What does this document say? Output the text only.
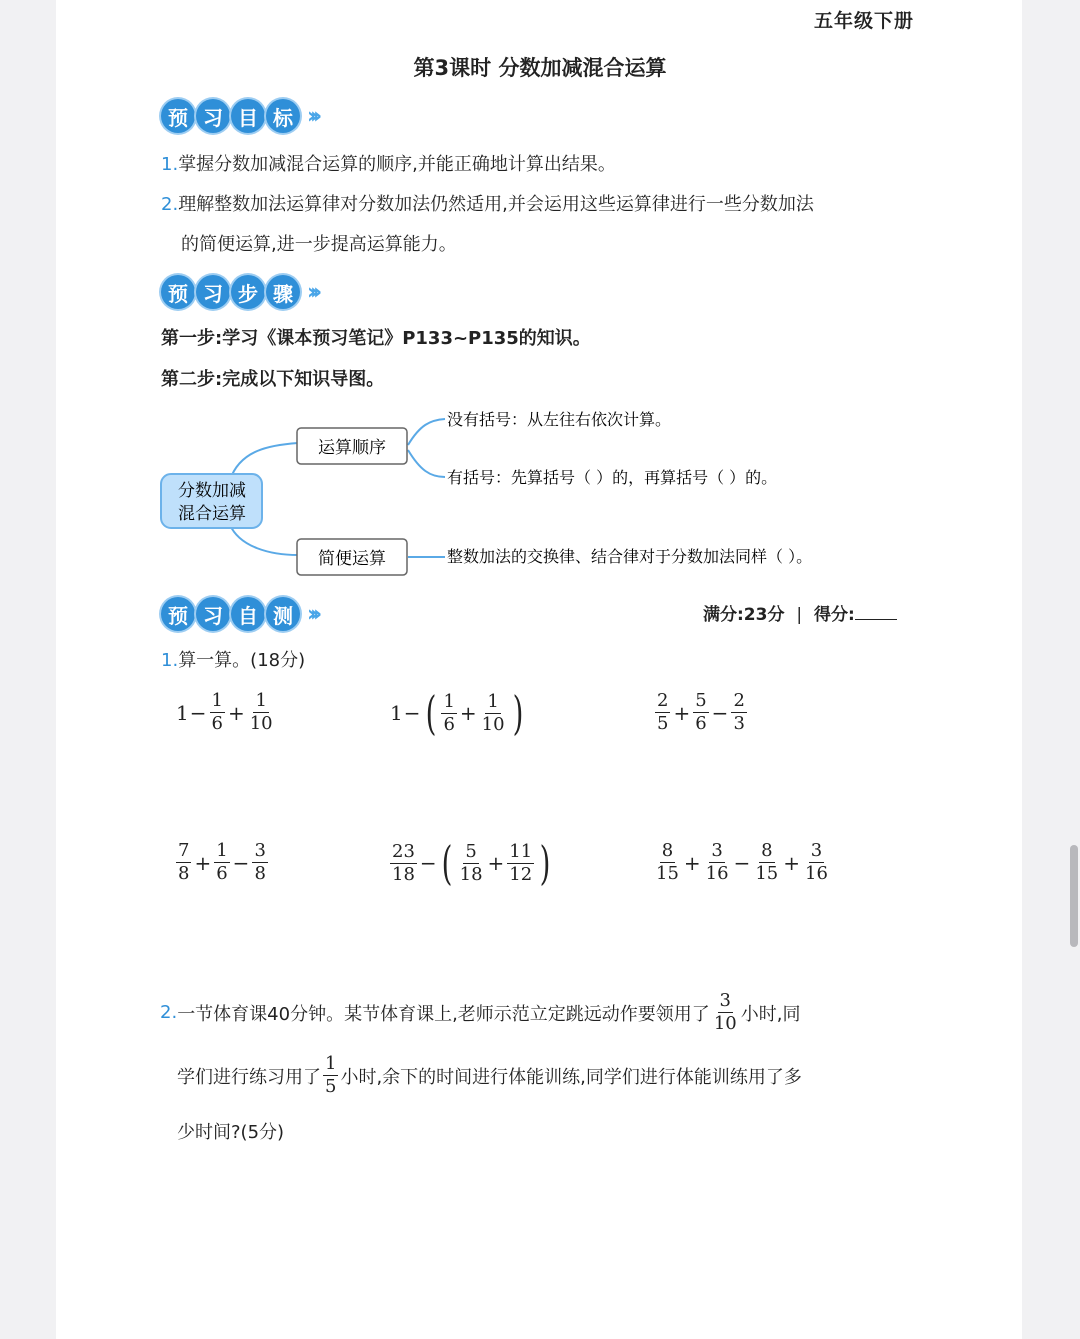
五年级下册
第3课时 分数加减混合运算
预 习 目 标 ›››
1.掌握分数加减混合运算的顺序,并能正确地计算出结果。
2.理解整数加法运算律对分数加法仍然适用,并会运用这些运算律进行一些分数加法
的简便运算,进一步提高运算能力。
预 习 步 骤 ›››
第一步:学习《课本预习笔记》P133~P135的知识。
第二步:完成以下知识导图。
分数加减
混合运算
运算顺序
简便运算
没有括号：从左往右依次计算。
有括号：先算括号（ ）的，再算括号（ ）的。
整数加法的交换律、结合律对于分数加法同样（ ）。
预 习 自 测 ›››	满分:23分 | 得分:
1.算一算。(18分)
$1 - \frac{1}{6} + \frac{1}{10}$	1 − ( $\frac{1}{6} + \frac{1}{10}$ )	$\frac{2}{5} + \frac{5}{6} - \frac{2}{3}$
$\frac{7}{8} + \frac{1}{6} - \frac{3}{8}$	$\frac{23}{18}$ − ( $\frac{5}{18} + \frac{11}{12}$ )	$\frac{8}{15} + \frac{3}{16} - \frac{8}{15} + \frac{3}{16}$
2. 一节体育课40分钟。某节体育课上,老师示范立定跳远动作要领用了 $\frac{3}{10}$ 小时,同
学们进行练习用了 $\frac{1}{5}$ 小时,余下的时间进行体能训练,同学们进行体能训练用了多
少时间?(5分)
